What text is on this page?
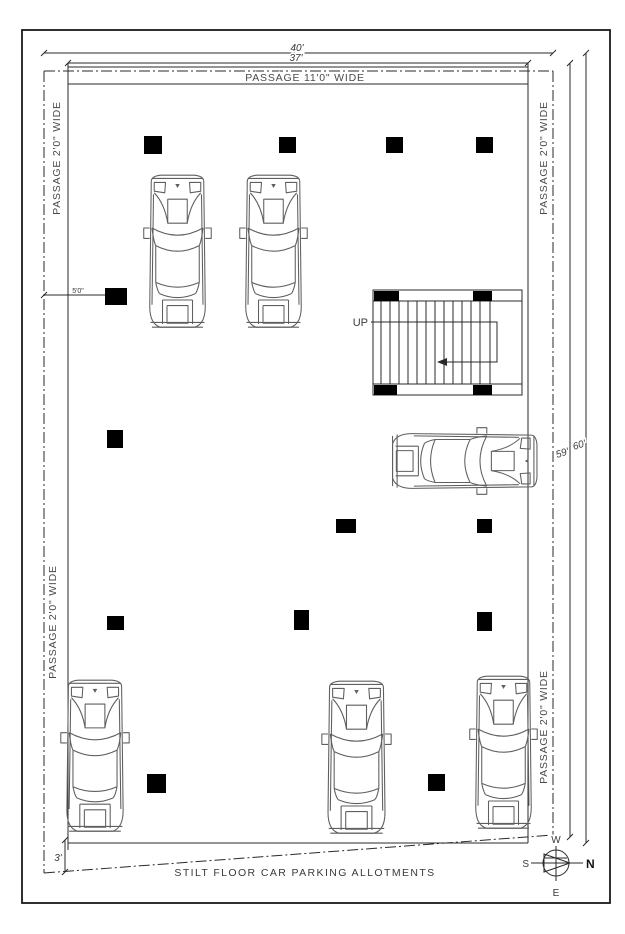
UP
40'
37'
59'
60'
5'0"
3'
PASSAGE 11'0" WIDE
PASSAGE 2'0" WIDE
PASSAGE 2'0" WIDE
PASSAGE 2'0" WIDE
PASSAGE 2'0" WIDE
STILT FLOOR CAR PARKING ALLOTMENTS
W
S	N
E
